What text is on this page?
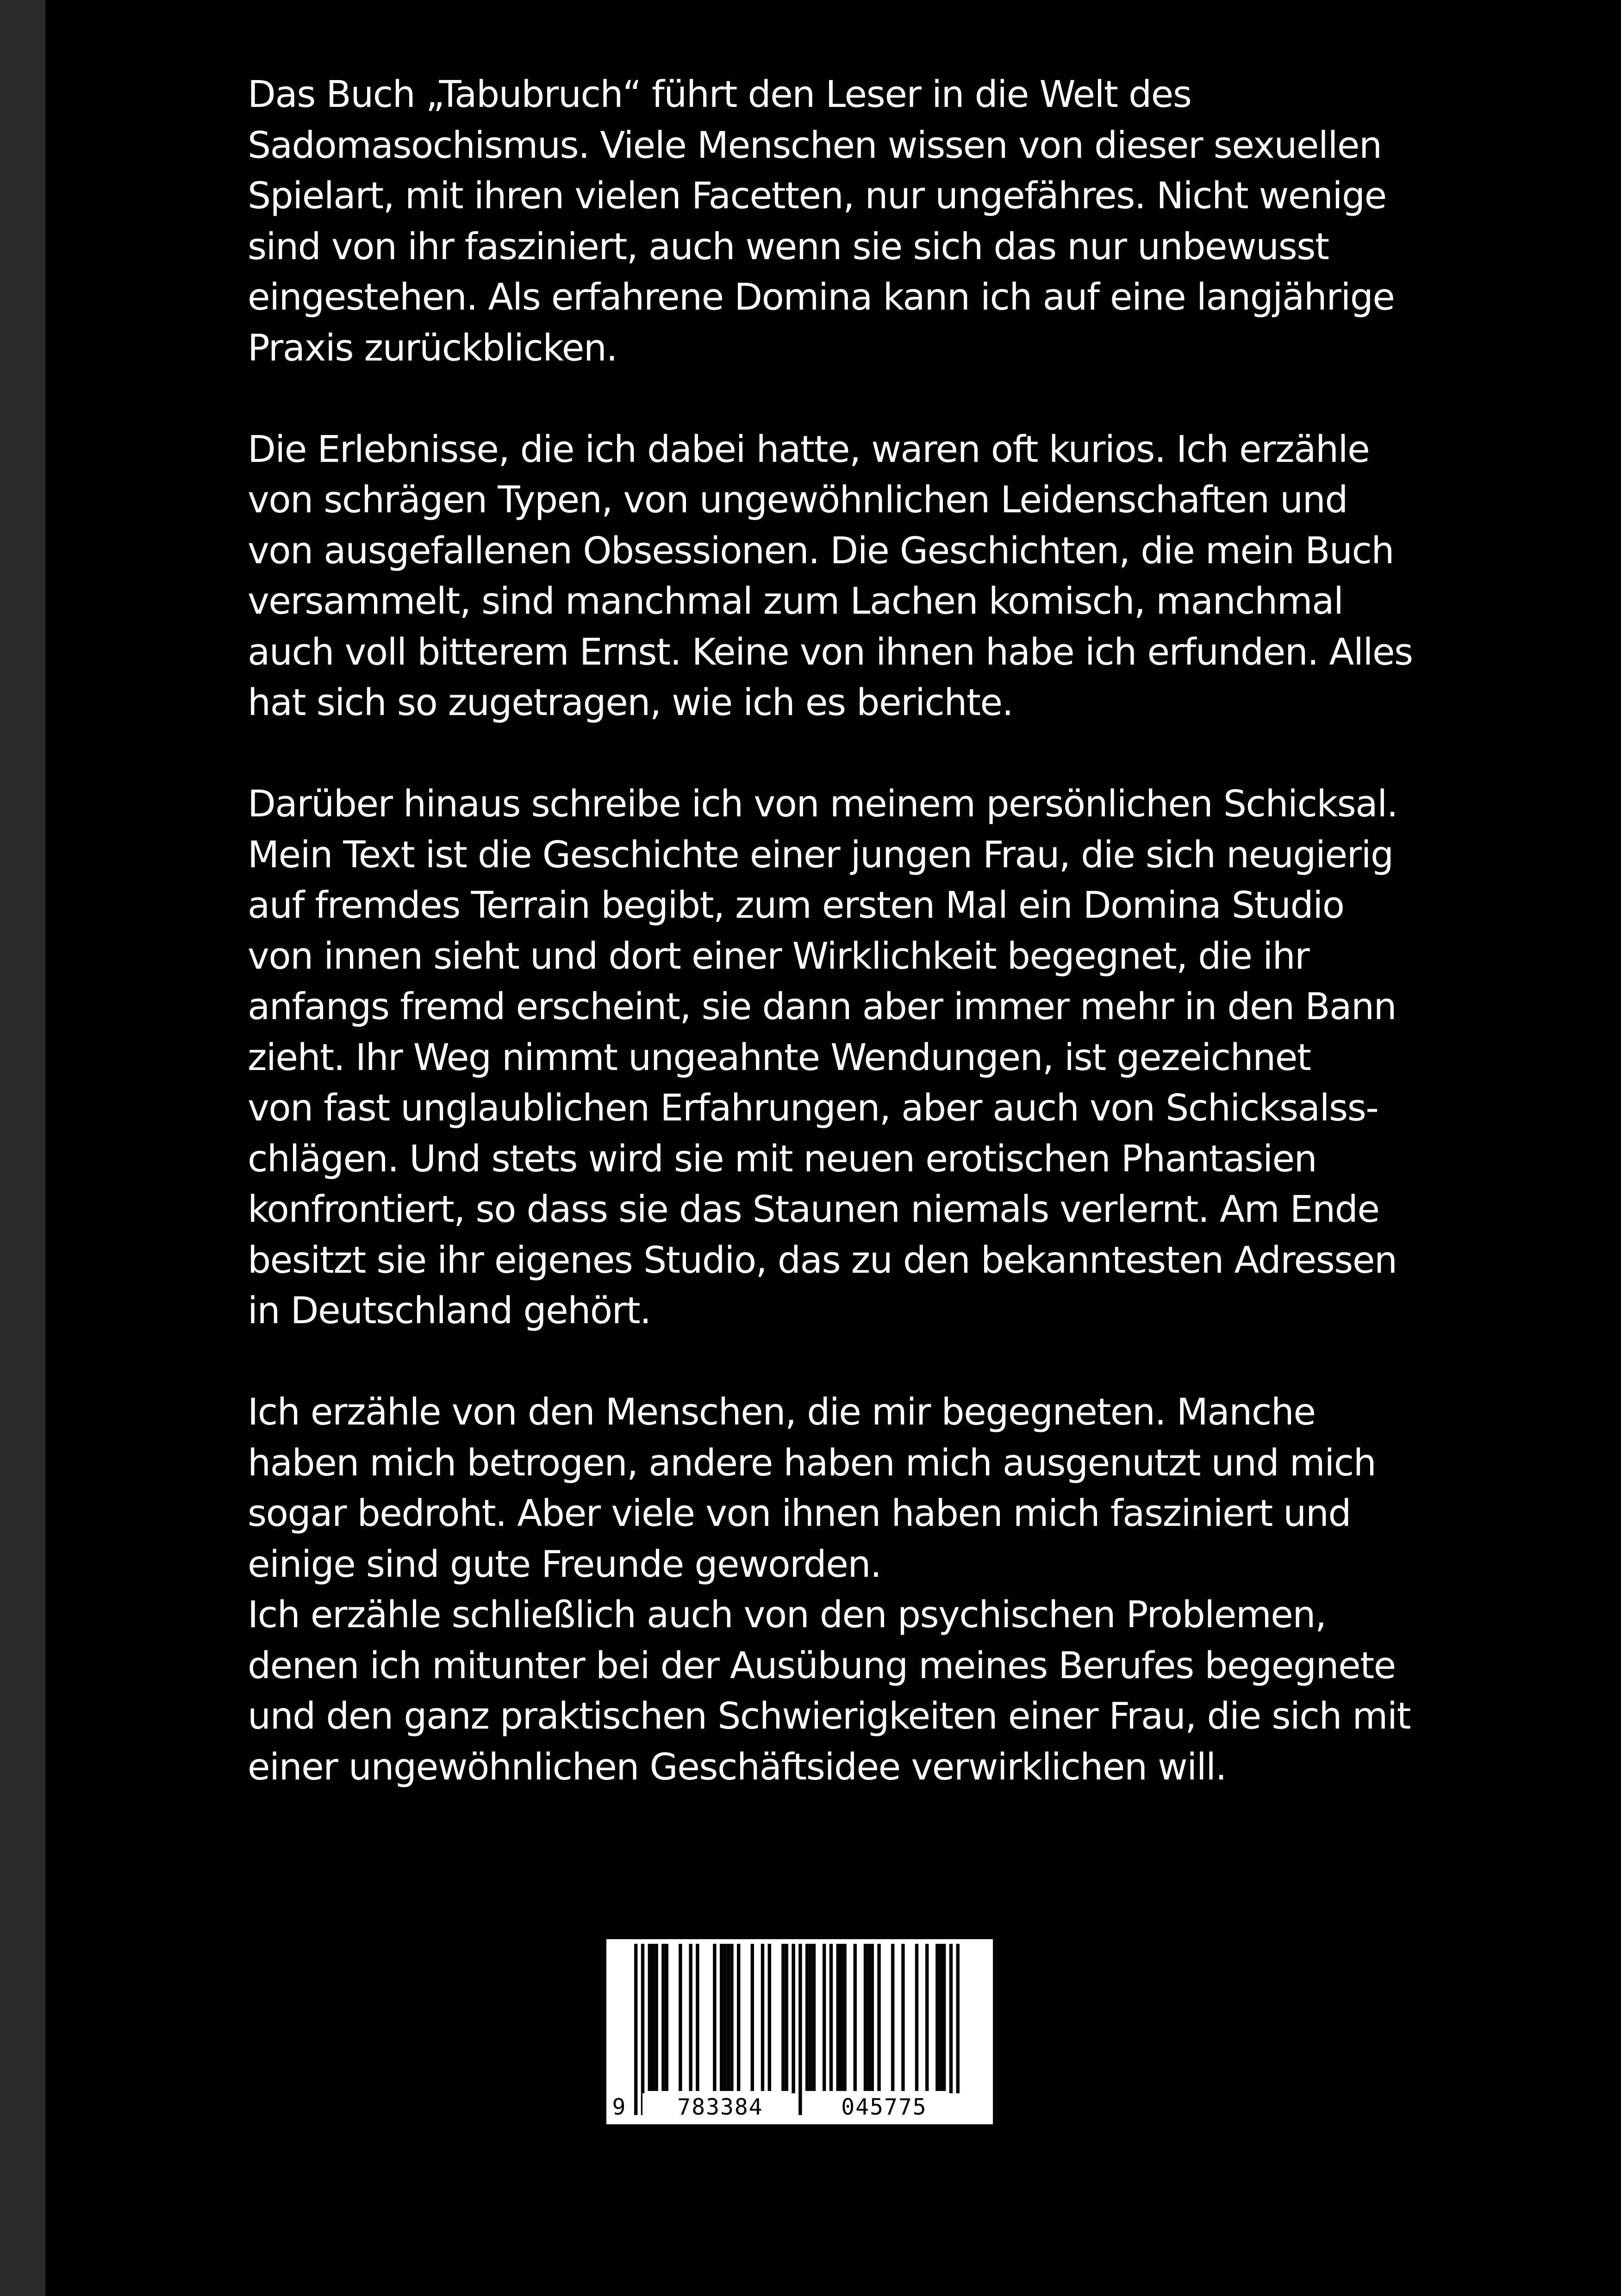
Das Buch „Tabubruch“ führt den Leser in die Welt des
Sadomasochismus. Viele Menschen wissen von dieser sexuellen
Spielart, mit ihren vielen Facetten, nur ungefähres. Nicht wenige
sind von ihr fasziniert, auch wenn sie sich das nur unbewusst
eingestehen. Als erfahrene Domina kann ich auf eine langjährige
Praxis zurückblicken.
Die Erlebnisse, die ich dabei hatte, waren oft kurios. Ich erzähle
von schrägen Typen, von ungewöhnlichen Leidenschaften und
von ausgefallenen Obsessionen. Die Geschichten, die mein Buch
versammelt, sind manchmal zum Lachen komisch, manchmal
auch voll bitterem Ernst. Keine von ihnen habe ich erfunden. Alles
hat sich so zugetragen, wie ich es berichte.
Darüber hinaus schreibe ich von meinem persönlichen Schicksal.
Mein Text ist die Geschichte einer jungen Frau, die sich neugierig
auf fremdes Terrain begibt, zum ersten Mal ein Domina Studio
von innen sieht und dort einer Wirklichkeit begegnet, die ihr
anfangs fremd erscheint, sie dann aber immer mehr in den Bann
zieht. Ihr Weg nimmt ungeahnte Wendungen, ist gezeichnet
von fast unglaublichen Erfahrungen, aber auch von Schicksalss-
chlägen. Und stets wird sie mit neuen erotischen Phantasien
konfrontiert, so dass sie das Staunen niemals verlernt. Am Ende
besitzt sie ihr eigenes Studio, das zu den bekanntesten Adressen
in Deutschland gehört.
Ich erzähle von den Menschen, die mir begegneten. Manche
haben mich betrogen, andere haben mich ausgenutzt und mich
sogar bedroht. Aber viele von ihnen haben mich fasziniert und
einige sind gute Freunde geworden.
Ich erzähle schließlich auch von den psychischen Problemen,
denen ich mitunter bei der Ausübung meines Berufes begegnete
und den ganz praktischen Schwierigkeiten einer Frau, die sich mit
einer ungewöhnlichen Geschäftsidee verwirklichen will.
9	783384	045775
